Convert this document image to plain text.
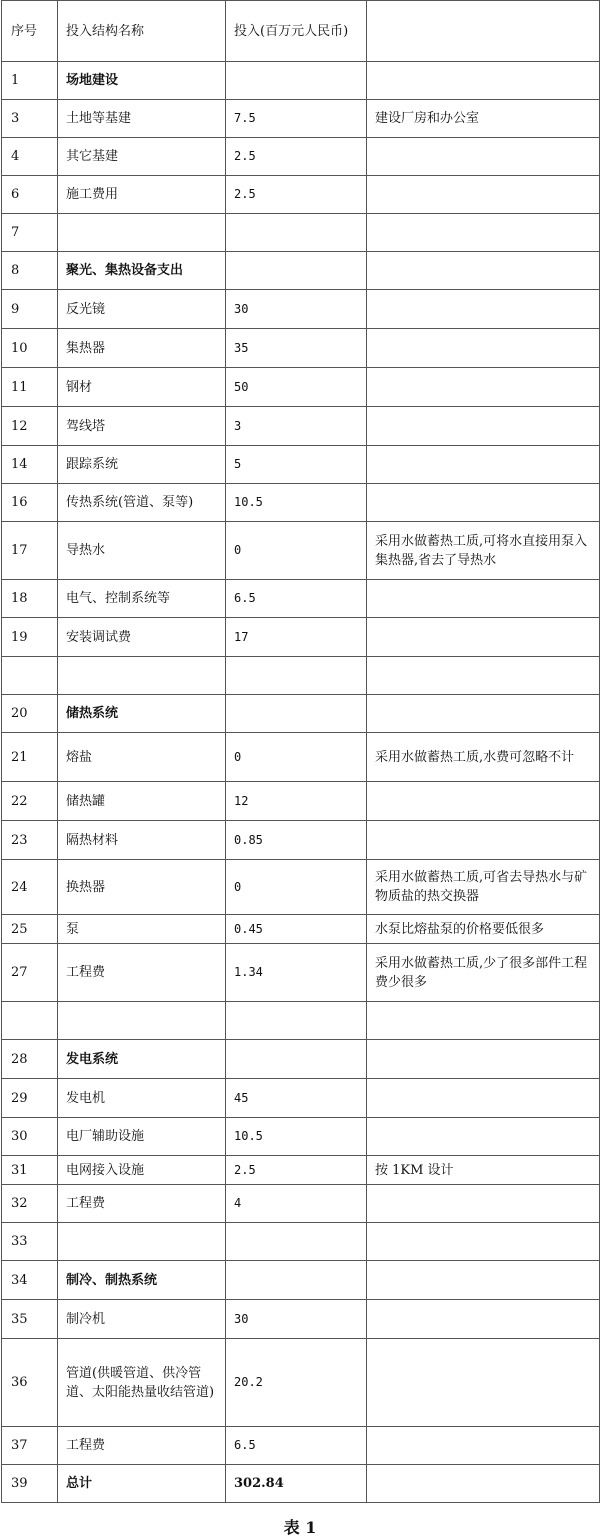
序号	投入结构名称	投入(百万元人民币)	
1	场地建设		
3	土地等基建	7.5	建设厂房和办公室
4	其它基建	2.5	
6	施工费用	2.5	
7			
8	聚光、集热设备支出		
9	反光镜	30	
10	集热器	35	
11	钢材	50	
12	驾线塔	3	
14	跟踪系统	5	
16	传热系统(管道、泵等)	10.5	
17	导热水	0	采用水做蓄热工质,可将水直接用泵入集热器,省去了导热水
18	电气、控制系统等	6.5	
19	安装调试费	17	

20	储热系统		
21	熔盐	0	采用水做蓄热工质,水费可忽略不计
22	储热罐	12	
23	隔热材料	0.85	
24	换热器	0	采用水做蓄热工质,可省去导热水与矿物质盐的热交换器
25	泵	0.45	水泵比熔盐泵的价格要低很多
27	工程费	1.34	采用水做蓄热工质,少了很多部件工程费少很多

28	发电系统		
29	发电机	45	
30	电厂辅助设施	10.5	
31	电网接入设施	2.5	按 1KM 设计
32	工程费	4	
33			
34	制冷、制热系统		
35	制冷机	30	
36	管道(供暖管道、供冷管道、太阳能热量收结管道)	20.2	
37	工程费	6.5	
39	总计	302.84	
表 1
